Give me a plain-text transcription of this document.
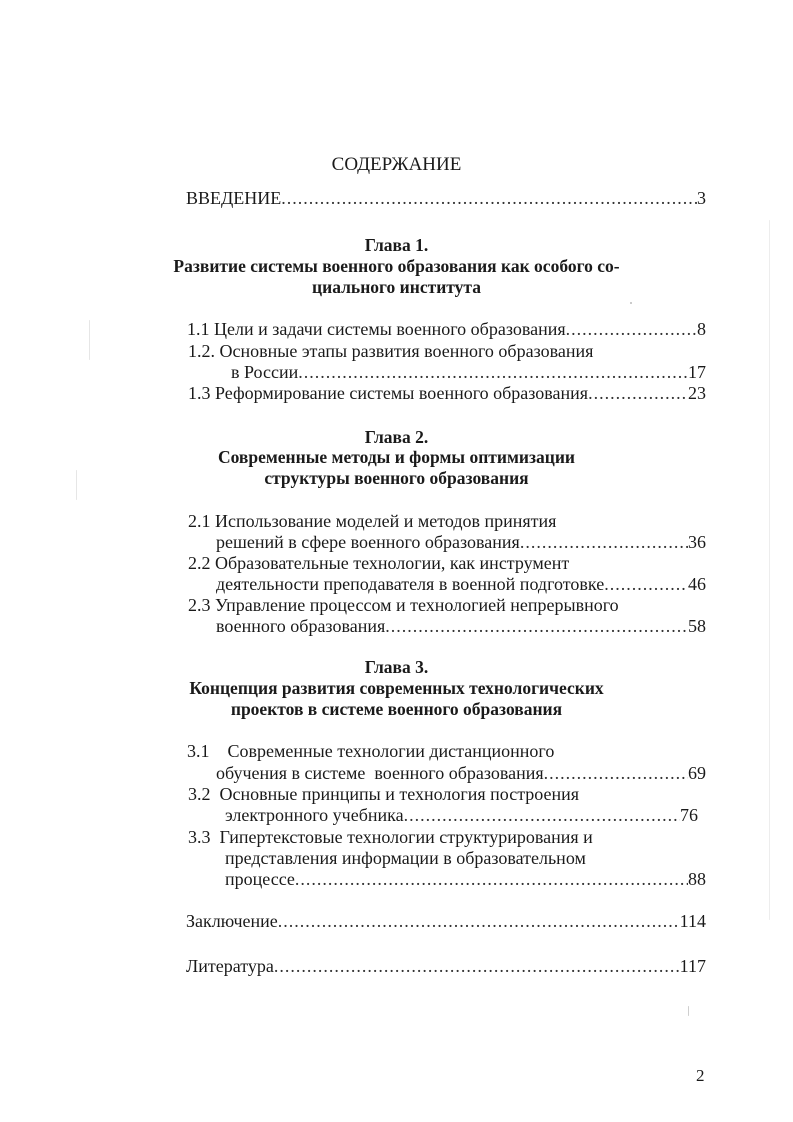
СОДЕРЖАНИЕ
ВВЕДЕНИЕ .....	3
Глава 1.
Развитие системы военного образования как особого со-
циального института
1.1 Цели и задачи системы военного образования .....	8
1.2. Основные этапы развития военного образования
в России .....	17
1.3 Реформирование системы военного образования .....	23
Глава 2.
Современные методы и формы оптимизации
структуры военного образования
2.1 Использование моделей и методов принятия
решений в сфере военного образования .....	36
2.2 Образовательные технологии, как инструмент
деятельности преподавателя в военной подготовке .....	46
2.3 Управление процессом и технологией непрерывного
военного образования .....	58
Глава 3.
Концепция развития современных технологических
проектов в системе военного образования
3.1    Современные технологии дистанционного
обучения в системе  военного образования .....	69
3.2  Основные принципы и технология построения
электронного учебника .....	76
3.3  Гипертекстовые технологии структурирования и
представления информации в образовательном
процессе .....	88
Заключение .....	114
Литература .....	117
2
